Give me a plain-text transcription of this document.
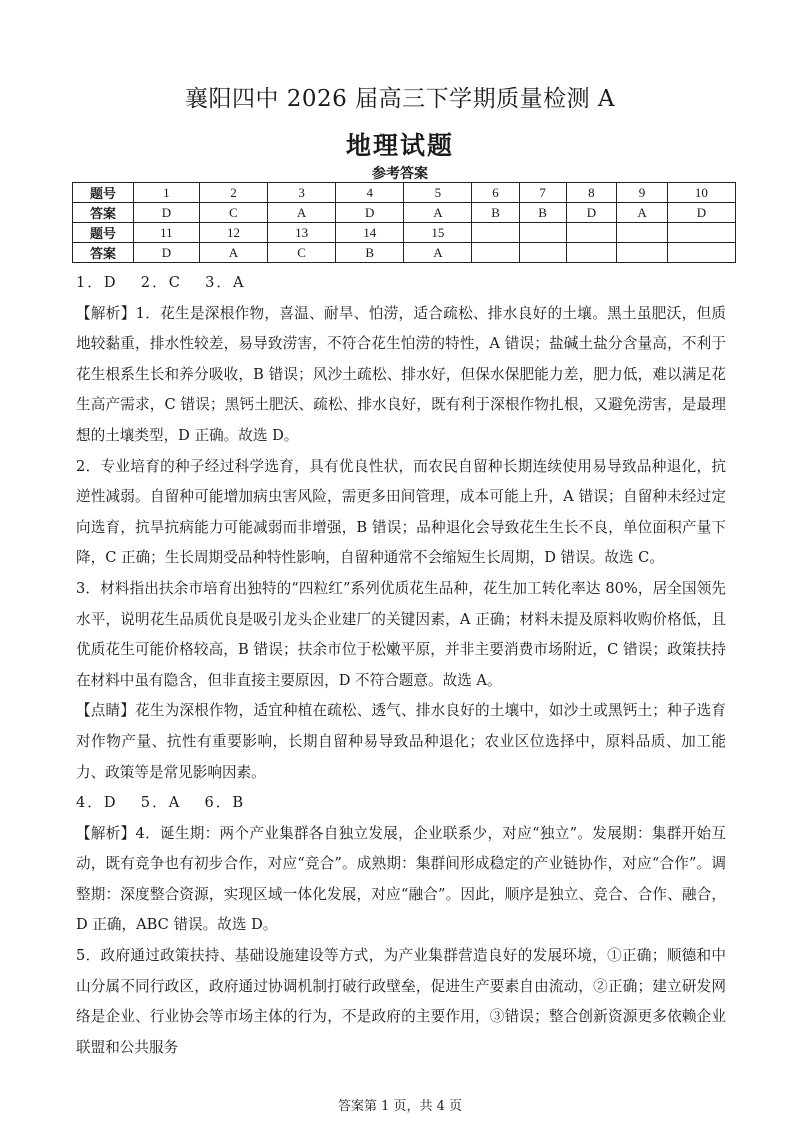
襄阳四中 2026 届高三下学期质量检测 A
地理试题
参考答案
题号	1	2	3	4	5	6	7	8	9	10
答案	D	C	A	D	A	B	B	D	A	D
题号	11	12	13	14	15					
答案	D	A	C	B	A					

1．D　 2．C　 3．A

【解析】1．花生是深根作物，喜温、耐旱、怕涝，适合疏松、排水良好的土壤。黑土虽肥沃，但质地较黏重，排水性较差，易导致涝害，不符合花生怕涝的特性，A 错误；盐碱土盐分含量高，不利于花生根系生长和养分吸收，B 错误；风沙土疏松、排水好，但保水保肥能力差，肥力低，难以满足花生高产需求，C 错误；黑钙土肥沃、疏松、排水良好，既有利于深根作物扎根，又避免涝害，是最理想的土壤类型，D 正确。故选 D。

2．专业培育的种子经过科学选育，具有优良性状，而农民自留种长期连续使用易导致品种退化，抗逆性减弱。自留种可能增加病虫害风险，需更多田间管理，成本可能上升，A 错误；自留种未经过定向选育，抗旱抗病能力可能减弱而非增强，B 错误；品种退化会导致花生生长不良，单位面积产量下降，C 正确；生长周期受品种特性影响，自留种通常不会缩短生长周期，D 错误。故选 C。

3．材料指出扶余市培育出独特的“四粒红”系列优质花生品种，花生加工转化率达 80%，居全国领先水平，说明花生品质优良是吸引龙头企业建厂的关键因素，A 正确；材料未提及原料收购价格低，且优质花生可能价格较高，B 错误；扶余市位于松嫩平原，并非主要消费市场附近，C 错误；政策扶持在材料中虽有隐含，但非直接主要原因，D 不符合题意。故选 A。

【点睛】花生为深根作物，适宜种植在疏松、透气、排水良好的土壤中，如沙土或黑钙土；种子选育对作物产量、抗性有重要影响，长期自留种易导致品种退化；农业区位选择中，原料品质、加工能力、政策等是常见影响因素。

4．D　 5．A　 6．B

【解析】4．诞生期：两个产业集群各自独立发展，企业联系少，对应“独立”。发展期：集群开始互动，既有竞争也有初步合作，对应“竞合”。成熟期：集群间形成稳定的产业链协作，对应“合作”。调整期：深度整合资源，实现区域一体化发展，对应“融合”。因此，顺序是独立、竞合、合作、融合，D 正确，ABC 错误。故选 D。

5．政府通过政策扶持、基础设施建设等方式，为产业集群营造良好的发展环境，①正确；顺德和中山分属不同行政区，政府通过协调机制打破行政壁垒，促进生产要素自由流动，②正确；建立研发网络是企业、行业协会等市场主体的行为，不是政府的主要作用，③错误；整合创新资源更多依赖企业联盟和公共服务

答案第 1 页，共 4 页
